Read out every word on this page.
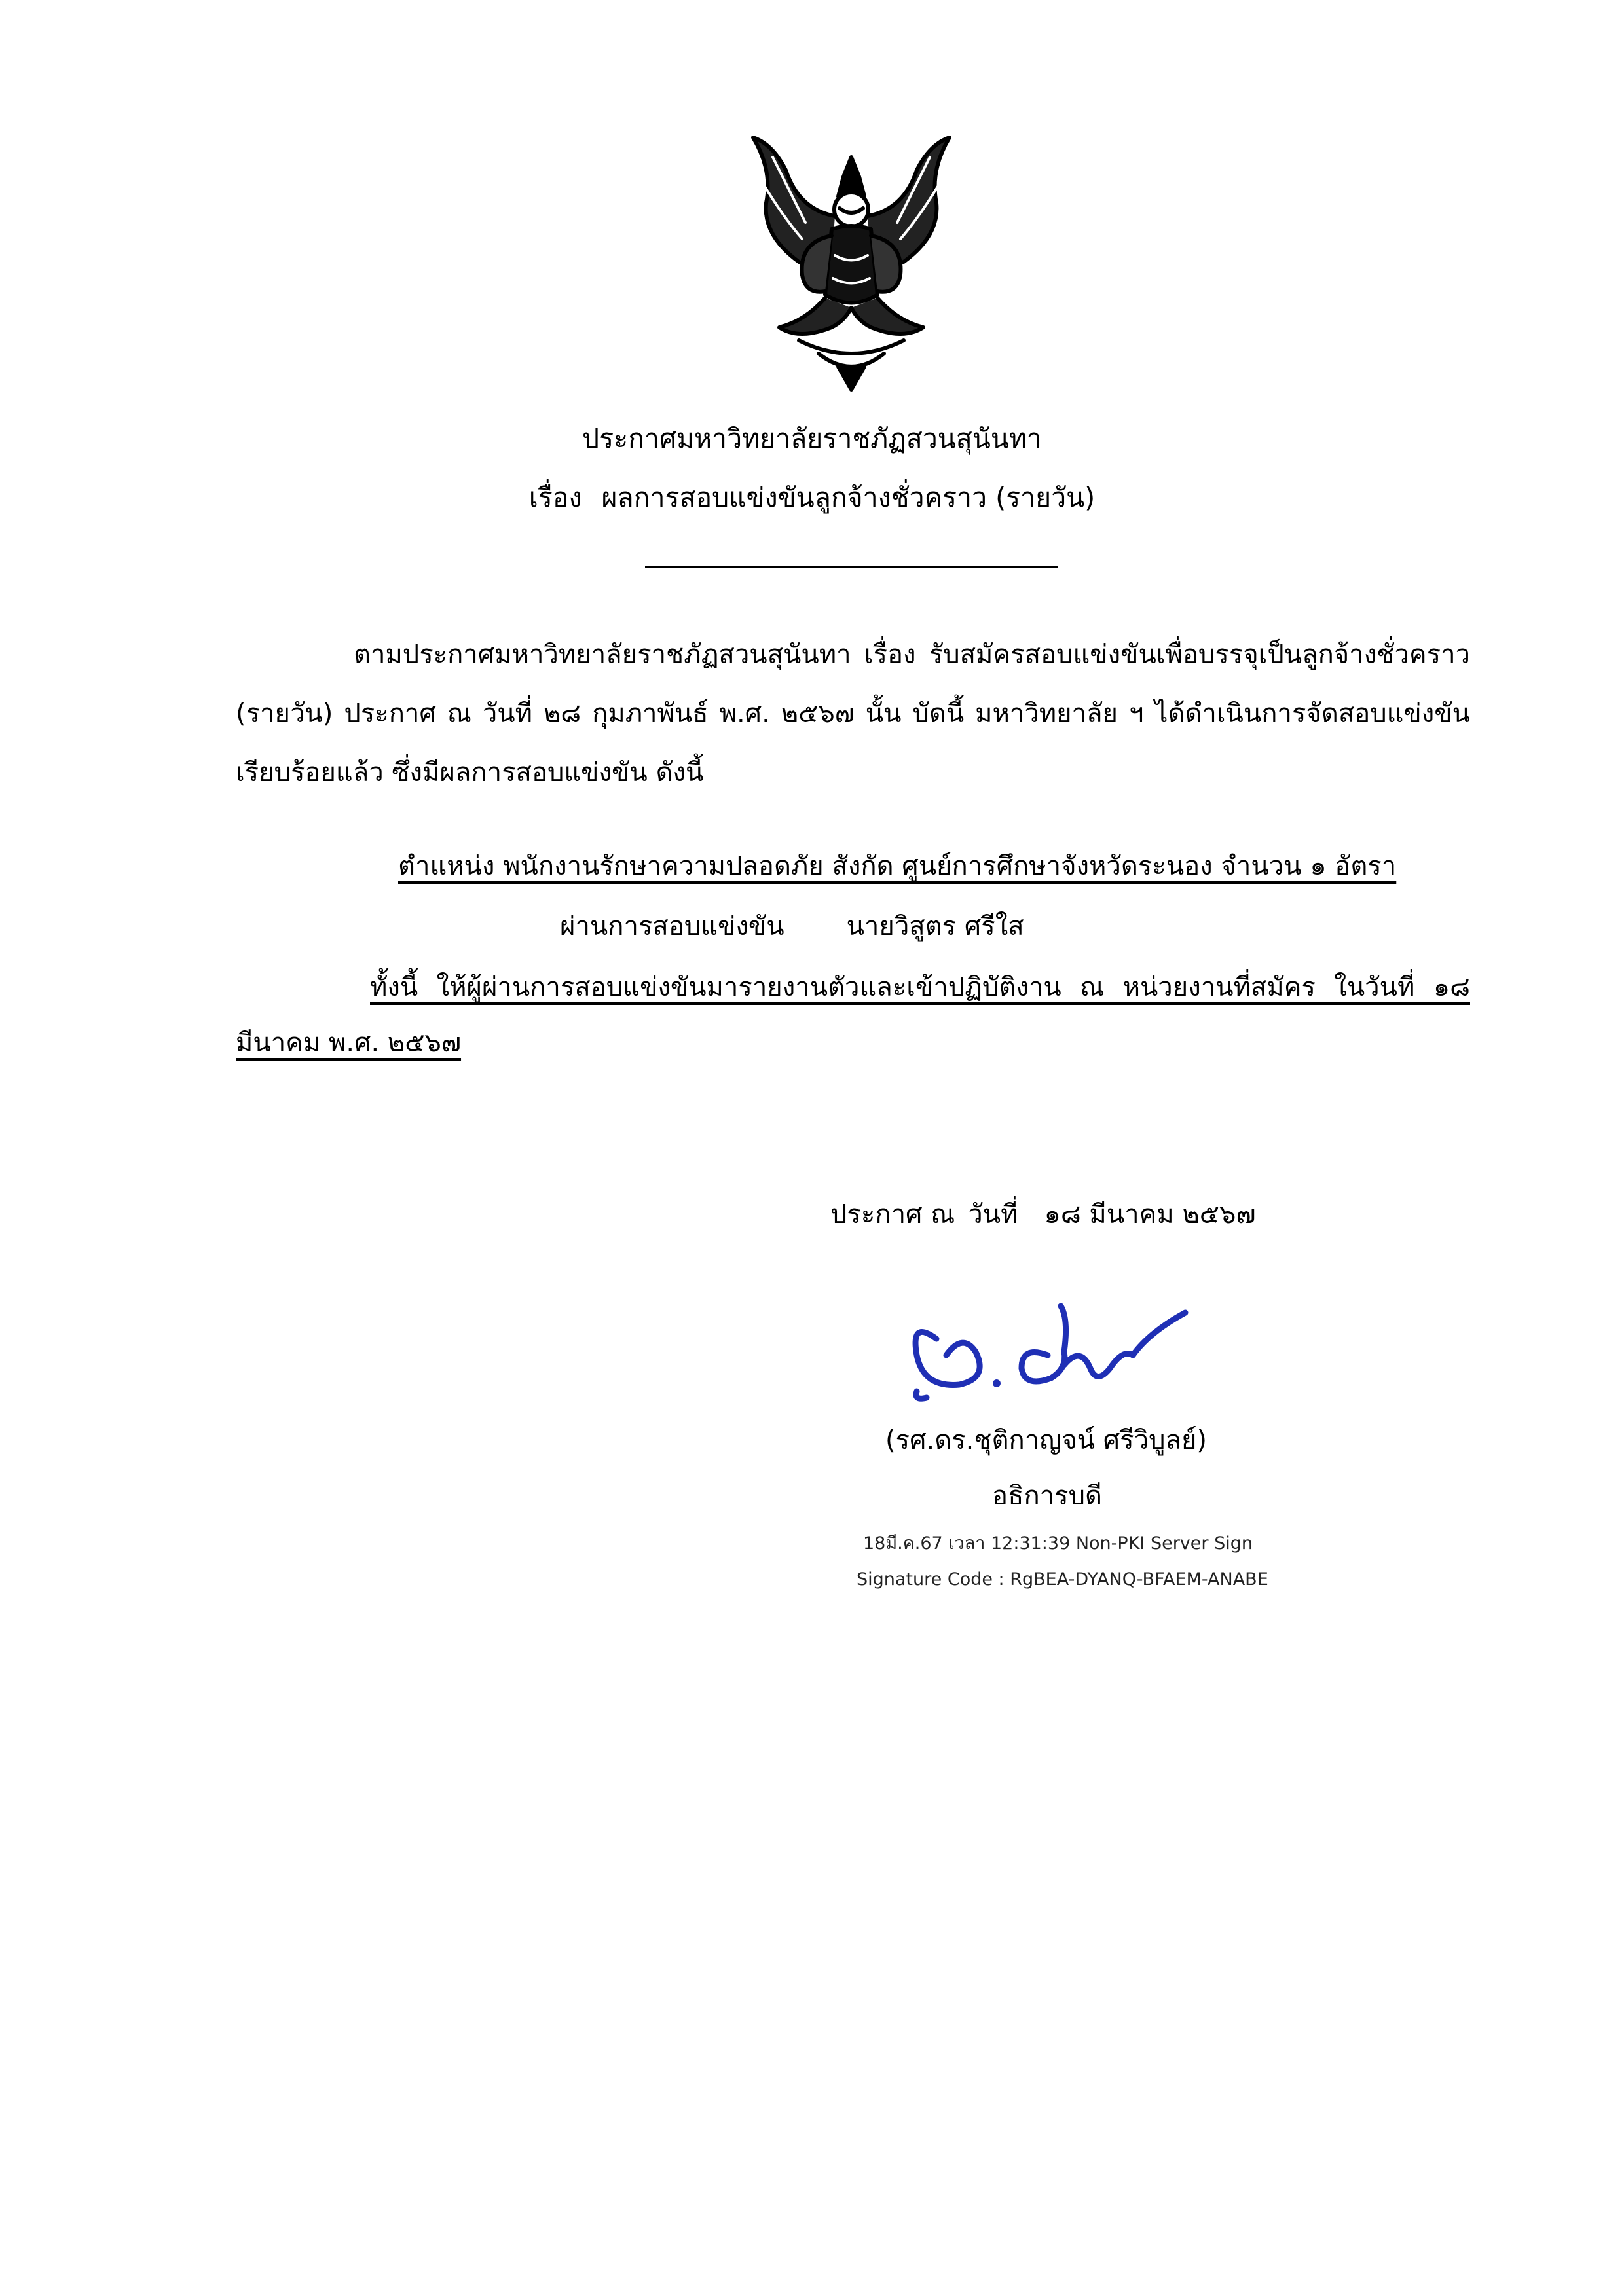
ประกาศมหาวิทยาลัยราชภัฏสวนสุนันทา
เรื่อง ผลการสอบแข่งขันลูกจ้างชั่วคราว (รายวัน)
ตามประกาศมหาวิทยาลัยราชภัฏสวนสุนันทา เรื่อง รับสมัครสอบแข่งขันเพื่อบรรจุเป็นลูกจ้างชั่วคราว (รายวัน) ประกาศ ณ วันที่ ๒๘ กุมภาพันธ์ พ.ศ. ๒๕๖๗ นั้น บัดนี้ มหาวิทยาลัย ฯ ได้ดำเนินการจัดสอบแข่งขันเรียบร้อยแล้ว ซึ่งมีผลการสอบแข่งขัน ดังนี้
ตำแหน่ง พนักงานรักษาความปลอดภัย สังกัด ศูนย์การศึกษาจังหวัดระนอง จำนวน ๑ อัตรา
ผ่านการสอบแข่งขัน นายวิสูตร ศรีใส
ทั้งนี้ ให้ผู้ผ่านการสอบแข่งขันมารายงานตัวและเข้าปฏิบัติงาน ณ หน่วยงานที่สมัคร ในวันที่ ๑๘
มีนาคม พ.ศ. ๒๕๖๗
ประกาศ ณ วันที่ ๑๘ มีนาคม ๒๕๖๗
(รศ.ดร.ชุติกาญจน์ ศรีวิบูลย์)
อธิการบดี
18มี.ค.67 เวลา 12:31:39 Non-PKI Server Sign
Signature Code : RgBEA-DYANQ-BFAEM-ANABE
